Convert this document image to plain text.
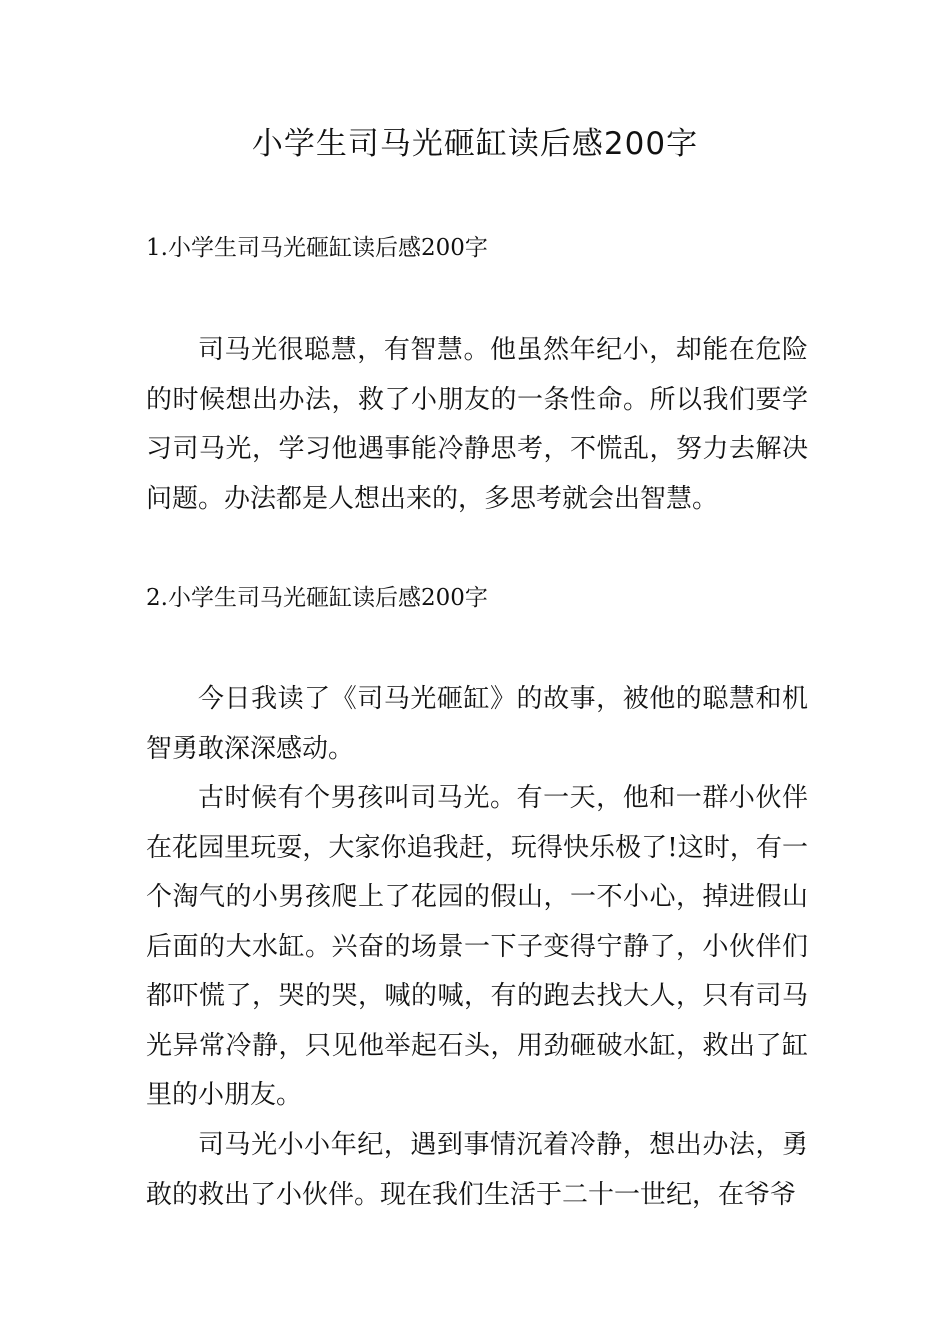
小学生司马光砸缸读后感200字
1.小学生司马光砸缸读后感200字

司马光很聪慧，有智慧。他虽然年纪小，却能在危险的时候想出办法，救了小朋友的一条性命。所以我们要学习司马光，学习他遇事能冷静思考，不慌乱，努力去解决问题。办法都是人想出来的，多思考就会出智慧。

2.小学生司马光砸缸读后感200字

今日我读了《司马光砸缸》的故事，被他的聪慧和机智勇敢深深感动。

古时候有个男孩叫司马光。有一天，他和一群小伙伴在花园里玩耍，大家你追我赶，玩得快乐极了!这时，有一个淘气的小男孩爬上了花园的假山，一不小心，掉进假山后面的大水缸。兴奋的场景一下子变得宁静了，小伙伴们都吓慌了，哭的哭，喊的喊，有的跑去找大人，只有司马光异常冷静，只见他举起石头，用劲砸破水缸，救出了缸里的小朋友。

司马光小小年纪，遇到事情沉着冷静，想出办法，勇敢的救出了小伙伴。现在我们生活于二十一世纪，在爷爷
